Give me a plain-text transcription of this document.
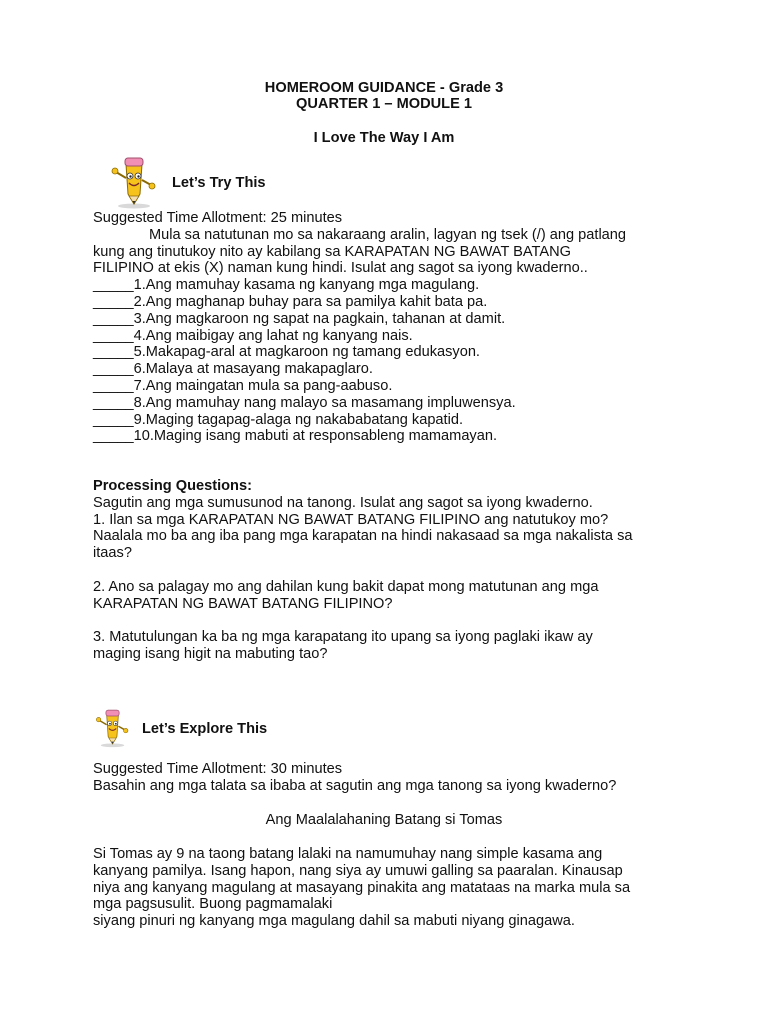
HOMEROOM GUIDANCE - Grade 3
QUARTER 1 – MODULE 1
I Love The Way I Am
Let’s Try This
Suggested Time Allotment: 25 minutes
Mula sa natutunan mo sa nakaraang aralin, lagyan ng tsek (/) ang patlang
kung ang tinutukoy nito ay kabilang sa KARAPATAN NG BAWAT BATANG
FILIPINO at ekis (X) naman kung hindi. Isulat ang sagot sa iyong kwaderno..
_____1.Ang mamuhay kasama ng kanyang mga magulang.
_____2.Ang maghanap buhay para sa pamilya kahit bata pa.
_____3.Ang magkaroon ng sapat na pagkain, tahanan at damit.
_____4.Ang maibigay ang lahat ng kanyang nais.
_____5.Makapag-aral at magkaroon ng tamang edukasyon.
_____6.Malaya at masayang makapaglaro.
_____7.Ang maingatan mula sa pang-aabuso.
_____8.Ang mamuhay nang malayo sa masamang impluwensya.
_____9.Maging tagapag-alaga ng nakababatang kapatid.
_____10.Maging isang mabuti at responsableng mamamayan.
Processing Questions:
Sagutin ang mga sumusunod na tanong. Isulat ang sagot sa iyong kwaderno.
1. Ilan sa mga KARAPATAN NG BAWAT BATANG FILIPINO ang natutukoy mo?
Naalala mo ba ang iba pang mga karapatan na hindi nakasaad sa mga nakalista sa
itaas?
2. Ano sa palagay mo ang dahilan kung bakit dapat mong matutunan ang mga
KARAPATAN NG BAWAT BATANG FILIPINO?
3. Matutulungan ka ba ng mga karapatang ito upang sa iyong paglaki ikaw ay
maging isang higit na mabuting tao?
Let’s Explore This
Suggested Time Allotment: 30 minutes
Basahin ang mga talata sa ibaba at sagutin ang mga tanong sa iyong kwaderno?
Ang Maalalahaning Batang si Tomas
Si Tomas ay 9 na taong batang lalaki na namumuhay nang simple kasama ang
kanyang pamilya. Isang hapon, nang siya ay umuwi galling sa paaralan. Kinausap
niya ang kanyang magulang at masayang pinakita ang matataas na marka mula sa
mga pagsusulit. Buong pagmamalaki
siyang pinuri ng kanyang mga magulang dahil sa mabuti niyang ginagawa.
